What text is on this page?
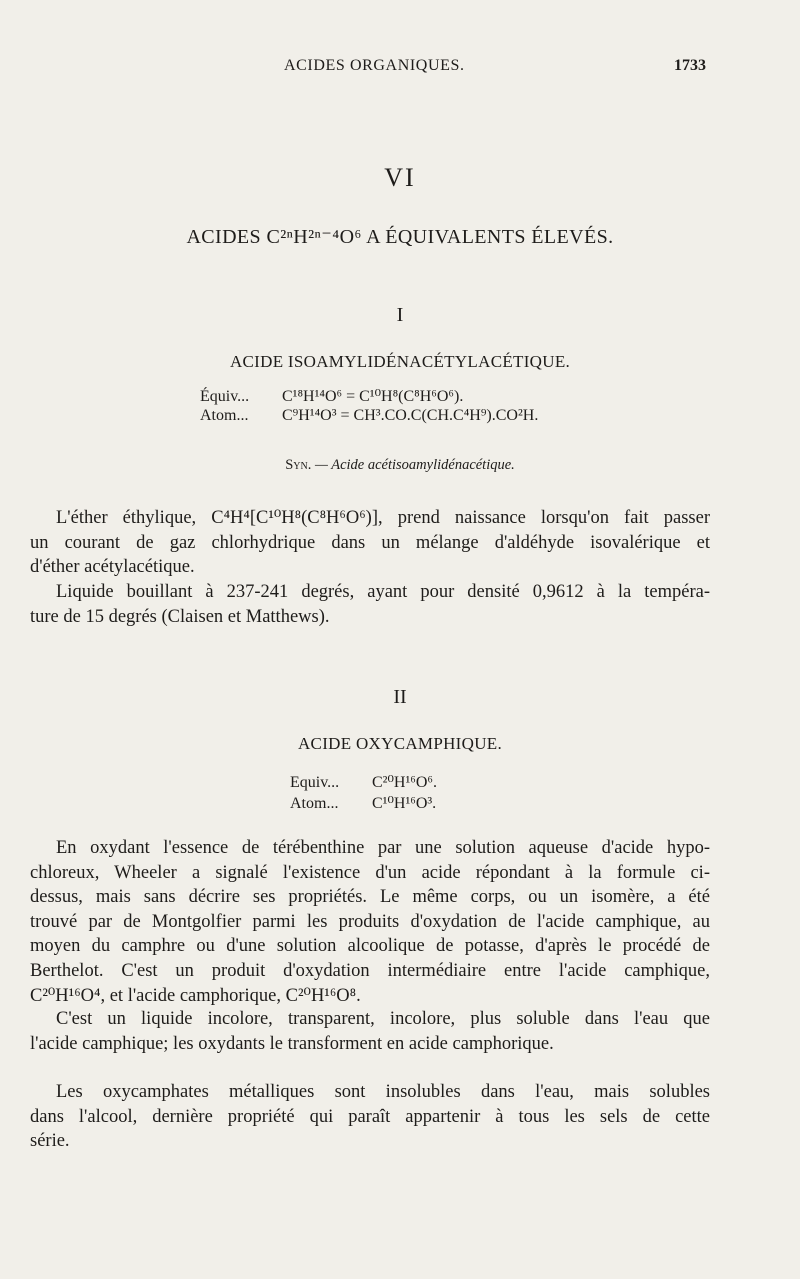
ACIDES ORGANIQUES.	1733
VI
ACIDES C²ⁿH²ⁿ⁻⁴O⁶ A ÉQUIVALENTS ÉLEVÉS.
I
ACIDE ISOAMYLIDÉNACÉTYLACÉTIQUE.
Équiv... C¹⁸H¹⁴O⁶ = C¹⁰H⁸(C⁸H⁶O⁶).
Atom... C⁹H¹⁴O³ = CH³.CO.C(CH.C⁴H⁹).CO²H.
Syn. — Acide acétisoamylidénacétique.
L'éther éthylique, C⁴H⁴[C¹⁰H⁸(C⁸H⁶O⁶)], prend naissance lorsqu'on fait passer
un courant de gaz chlorhydrique dans un mélange d'aldéhyde isovalérique et
d'éther acétylacétique.
Liquide bouillant à 237-241 degrés, ayant pour densité 0,9612 à la tempéra-
ture de 15 degrés (Claisen et Matthews).
II
ACIDE OXYCAMPHIQUE.
Equiv... C²⁰H¹⁶O⁶.
Atom... C¹⁰H¹⁶O³.
En oxydant l'essence de térébenthine par une solution aqueuse d'acide hypo-
chloreux, Wheeler a signalé l'existence d'un acide répondant à la formule ci-
dessus, mais sans décrire ses propriétés. Le même corps, ou un isomère, a été
trouvé par de Montgolfier parmi les produits d'oxydation de l'acide camphique, au
moyen du camphre ou d'une solution alcoolique de potasse, d'après le procédé de
Berthelot. C'est un produit d'oxydation intermédiaire entre l'acide camphique,
C²⁰H¹⁶O⁴, et l'acide camphorique, C²⁰H¹⁶O⁸.
C'est un liquide incolore, transparent, incolore, plus soluble dans l'eau que
l'acide camphique; les oxydants le transforment en acide camphorique.
Les oxycamphates métalliques sont insolubles dans l'eau, mais solubles
dans l'alcool, dernière propriété qui paraît appartenir à tous les sels de cette
série.
